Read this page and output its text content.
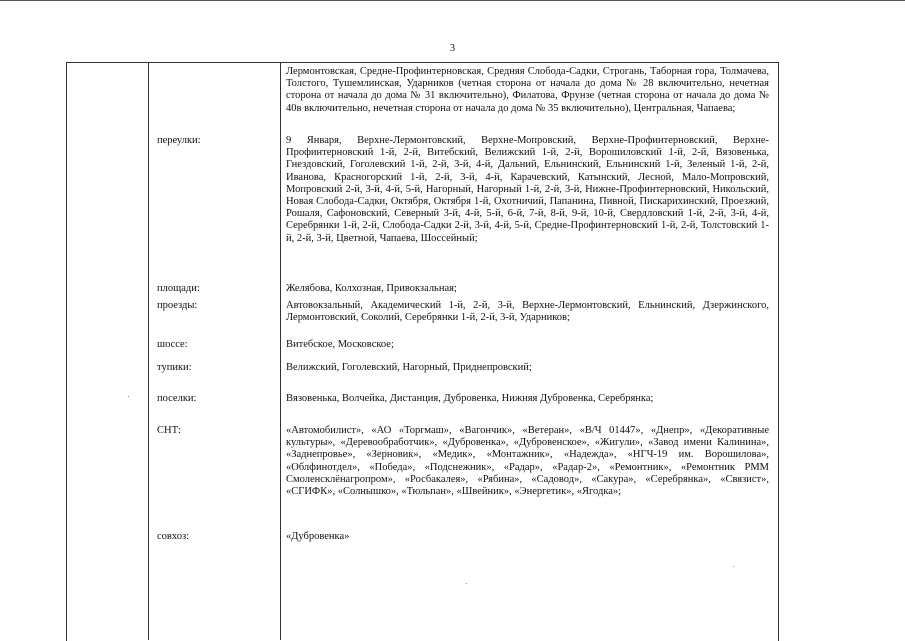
3
Лермонтовская, Средне-Профинтерновская, Средняя Слобода-Садки, Строгань, Таборная гора, Толмачева, Толстого, Тушемлинская, Ударников (четная сторона от начала до дома № 28 включительно, нечетная сторона от начала до дома № 31 включительно), Филатова, Фрунзе (четная сторона от начала до дома № 40в включительно, нечетная сторона от начала до дома № 35 включительно), Центральная, Чапаева;
переулки:	9 Января, Верхне-Лермонтовский, Верхне-Мопровский, Верхне-Профинтерновский, Верхне-Профинтерновский 1-й, 2-й, Витебский, Велижский 1-й, 2-й, Ворошиловский 1-й, 2-й, Вязовенька, Гнездовский, Гоголевский 1-й, 2-й, 3-й, 4-й, Дальний, Ельнинский, Ельнинский 1-й, Зеленый 1-й, 2-й, Иванова, Красногорский 1-й, 2-й, 3-й, 4-й, Карачевский, Катынский, Лесной, Мало-Мопровский, Мопровский 2-й, 3-й, 4-й, 5-й, Нагорный, Нагорный 1-й, 2-й, 3-й, Нижне-Профинтерновский, Никольский, Новая Слобода-Садки, Октября, Октября 1-й, Охотничий, Папанина, Пивной, Пискарихинский, Проезжий, Рошаля, Сафоновский, Северный 3-й, 4-й, 5-й, 6-й, 7-й, 8-й, 9-й, 10-й, Свердловский 1-й, 2-й, 3-й, 4-й, Серебрянки 1-й, 2-й, Слобода-Садки 2-й, 3-й, 4-й, 5-й, Средне-Профинтерновский 1-й, 2-й, Толстовский 1-й, 2-й, 3-й, Цветной, Чапаева, Шоссейный;
площади:	Желябова, Колхозная, Привокзальная;
проезды:	Автовокзальный, Академический 1-й, 2-й, 3-й, Верхне-Лермонтовский, Ельнинский, Дзержинского, Лермонтовский, Соколий, Серебрянки 1-й, 2-й, 3-й, Ударников;
шоссе:	Витебское, Московское;
тупики:	Велижский, Гоголевский, Нагорный, Приднепровский;
поселки:	Вязовенька, Волчейка, Дистанция, Дубровенка, Нижняя Дубровенка, Серебрянка;
СНТ:	«Автомобилист», «АО «Торгмаш», «Вагончик», «Ветеран», «В/Ч 01447», «Днепр», «Декоративные культуры», «Деревообработчик», «Дубровенка», «Дубровенское», «Жигули», «Завод имени Калинина», «Заднепровье», «Зерновик», «Медик», «Монтажник», «Надежда», «НГЧ-19 им. Ворошилова», «Облфинотдел», «Победа», «Подснежник», «Радар», «Радар-2», «Ремонтник», «Ремонтник РММ Смоленсклёнагропром», «Росбакалея», «Рябина», «Садовод», «Сакура», «Серебрянка», «Связист», «СГИФК», «Солнышко», «Тюльпан», «Швейник», «Энергетик», «Ягодка»;
совхоз:	«Дубровенка»
